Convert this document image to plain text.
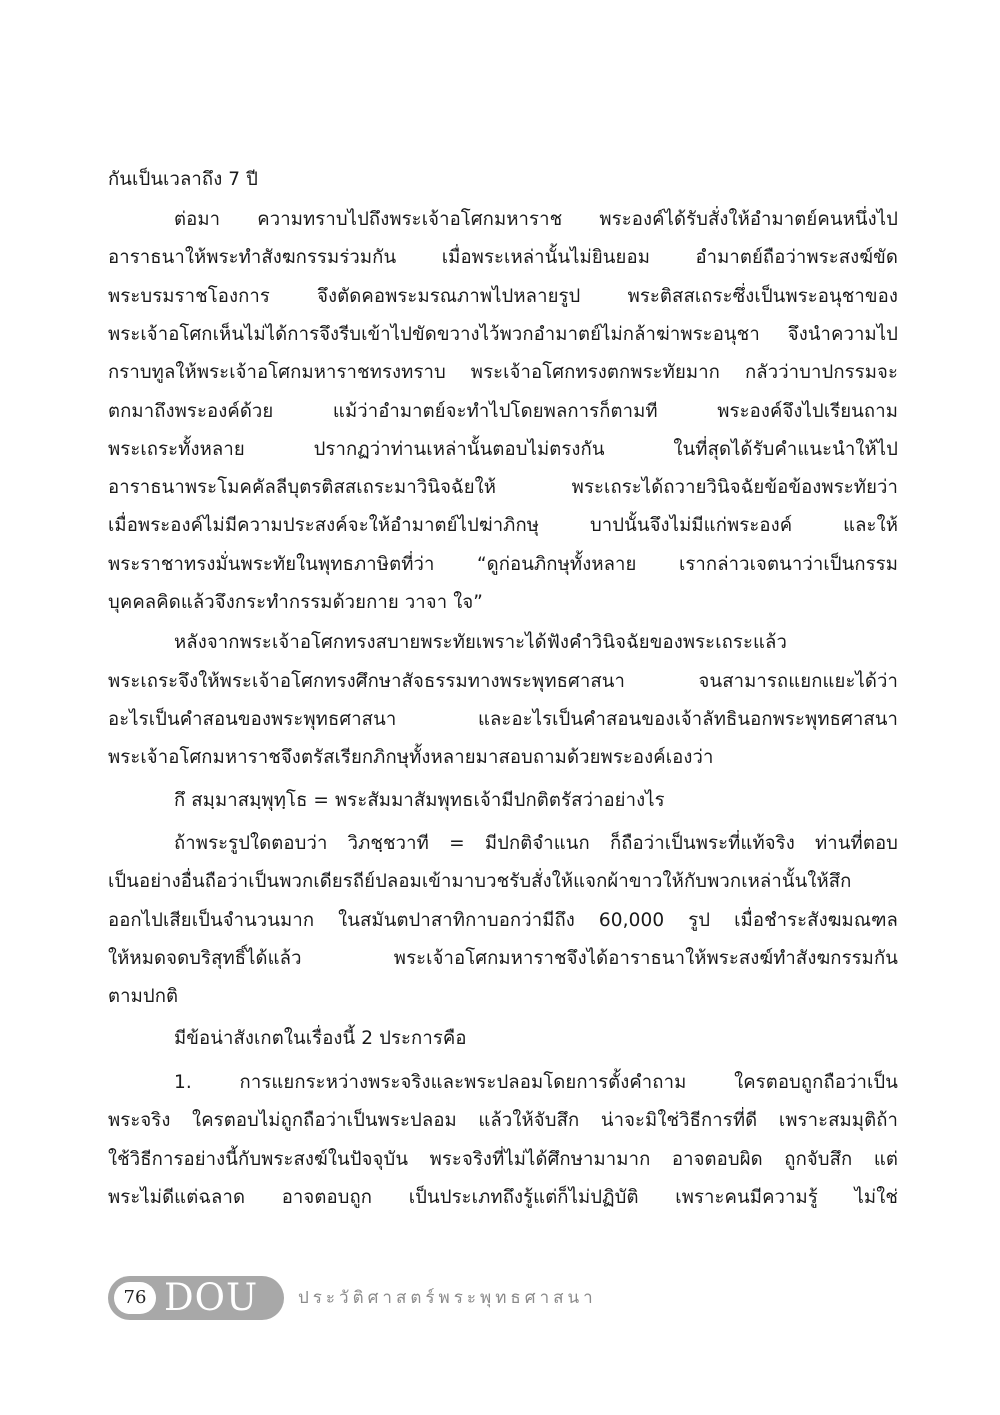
กันเป็นเวลาถึง 7 ปี
ต่อมา ความทราบไปถึงพระเจ้าอโศกมหาราช พระองค์ได้รับสั่งให้อำมาตย์คนหนึ่งไป
อาราธนาให้พระทำสังฆกรรมร่วมกัน เมื่อพระเหล่านั้นไม่ยินยอม อำมาตย์ถือว่าพระสงฆ์ขัด
พระบรมราชโองการ จึงตัดคอพระมรณภาพไปหลายรูป พระติสสเถระซึ่งเป็นพระอนุชาของ
พระเจ้าอโศกเห็นไม่ได้การจึงรีบเข้าไปขัดขวางไว้พวกอำมาตย์ไม่กล้าฆ่าพระอนุชา จึงนำความไป
กราบทูลให้พระเจ้าอโศกมหาราชทรงทราบ พระเจ้าอโศกทรงตกพระทัยมาก กลัวว่าบาปกรรมจะ
ตกมาถึงพระองค์ด้วย แม้ว่าอำมาตย์จะทำไปโดยพลการก็ตามที พระองค์จึงไปเรียนถาม
พระเถระทั้งหลาย ปรากฏว่าท่านเหล่านั้นตอบไม่ตรงกัน ในที่สุดได้รับคำแนะนำให้ไป
อาราธนาพระโมคคัลลีบุตรติสสเถระมาวินิจฉัยให้ พระเถระได้ถวายวินิจฉัยข้อข้องพระทัยว่า
เมื่อพระองค์ไม่มีความประสงค์จะให้อำมาตย์ไปฆ่าภิกษุ บาปนั้นจึงไม่มีแก่พระองค์ และให้
พระราชาทรงมั่นพระทัยในพุทธภาษิตที่ว่า “ดูก่อนภิกษุทั้งหลาย เรากล่าวเจตนาว่าเป็นกรรม
บุคคลคิดแล้วจึงกระทำกรรมด้วยกาย วาจา ใจ”
หลังจากพระเจ้าอโศกทรงสบายพระทัยเพราะได้ฟังคำวินิจฉัยของพระเถระแล้ว
พระเถระจึงให้พระเจ้าอโศกทรงศึกษาสัจธรรมทางพระพุทธศาสนา จนสามารถแยกแยะได้ว่า
อะไรเป็นคำสอนของพระพุทธศาสนา และอะไรเป็นคำสอนของเจ้าลัทธินอกพระพุทธศาสนา
พระเจ้าอโศกมหาราชจึงตรัสเรียกภิกษุทั้งหลายมาสอบถามด้วยพระองค์เองว่า
กึ สมฺมาสมฺพุทฺโธ = พระสัมมาสัมพุทธเจ้ามีปกติตรัสว่าอย่างไร
ถ้าพระรูปใดตอบว่า วิภชฺชวาที = มีปกติจำแนก ก็ถือว่าเป็นพระที่แท้จริง ท่านที่ตอบ
เป็นอย่างอื่นถือว่าเป็นพวกเดียรถีย์ปลอมเข้ามาบวชรับสั่งให้แจกผ้าขาวให้กับพวกเหล่านั้นให้สึก
ออกไปเสียเป็นจำนวนมาก ในสมันตปาสาทิกาบอกว่ามีถึง 60,000 รูป เมื่อชำระสังฆมณฑล
ให้หมดจดบริสุทธิ์ได้แล้ว พระเจ้าอโศกมหาราชจึงได้อาราธนาให้พระสงฆ์ทำสังฆกรรมกัน
ตามปกติ
มีข้อน่าสังเกตในเรื่องนี้ 2 ประการคือ
1. การแยกระหว่างพระจริงและพระปลอมโดยการตั้งคำถาม ใครตอบถูกถือว่าเป็น
พระจริง ใครตอบไม่ถูกถือว่าเป็นพระปลอม แล้วให้จับสึก น่าจะมิใช่วิธีการที่ดี เพราะสมมุติถ้า
ใช้วิธีการอย่างนี้กับพระสงฆ์ในปัจจุบัน พระจริงที่ไม่ได้ศึกษามามาก อาจตอบผิด ถูกจับสึก แต่
พระไม่ดีแต่ฉลาด อาจตอบถูก เป็นประเภทถึงรู้แต่ก็ไม่ปฏิบัติ เพราะคนมีความรู้ ไม่ใช่
76 DOU ประวัติศาสตร์พระพุทธศาสนา
